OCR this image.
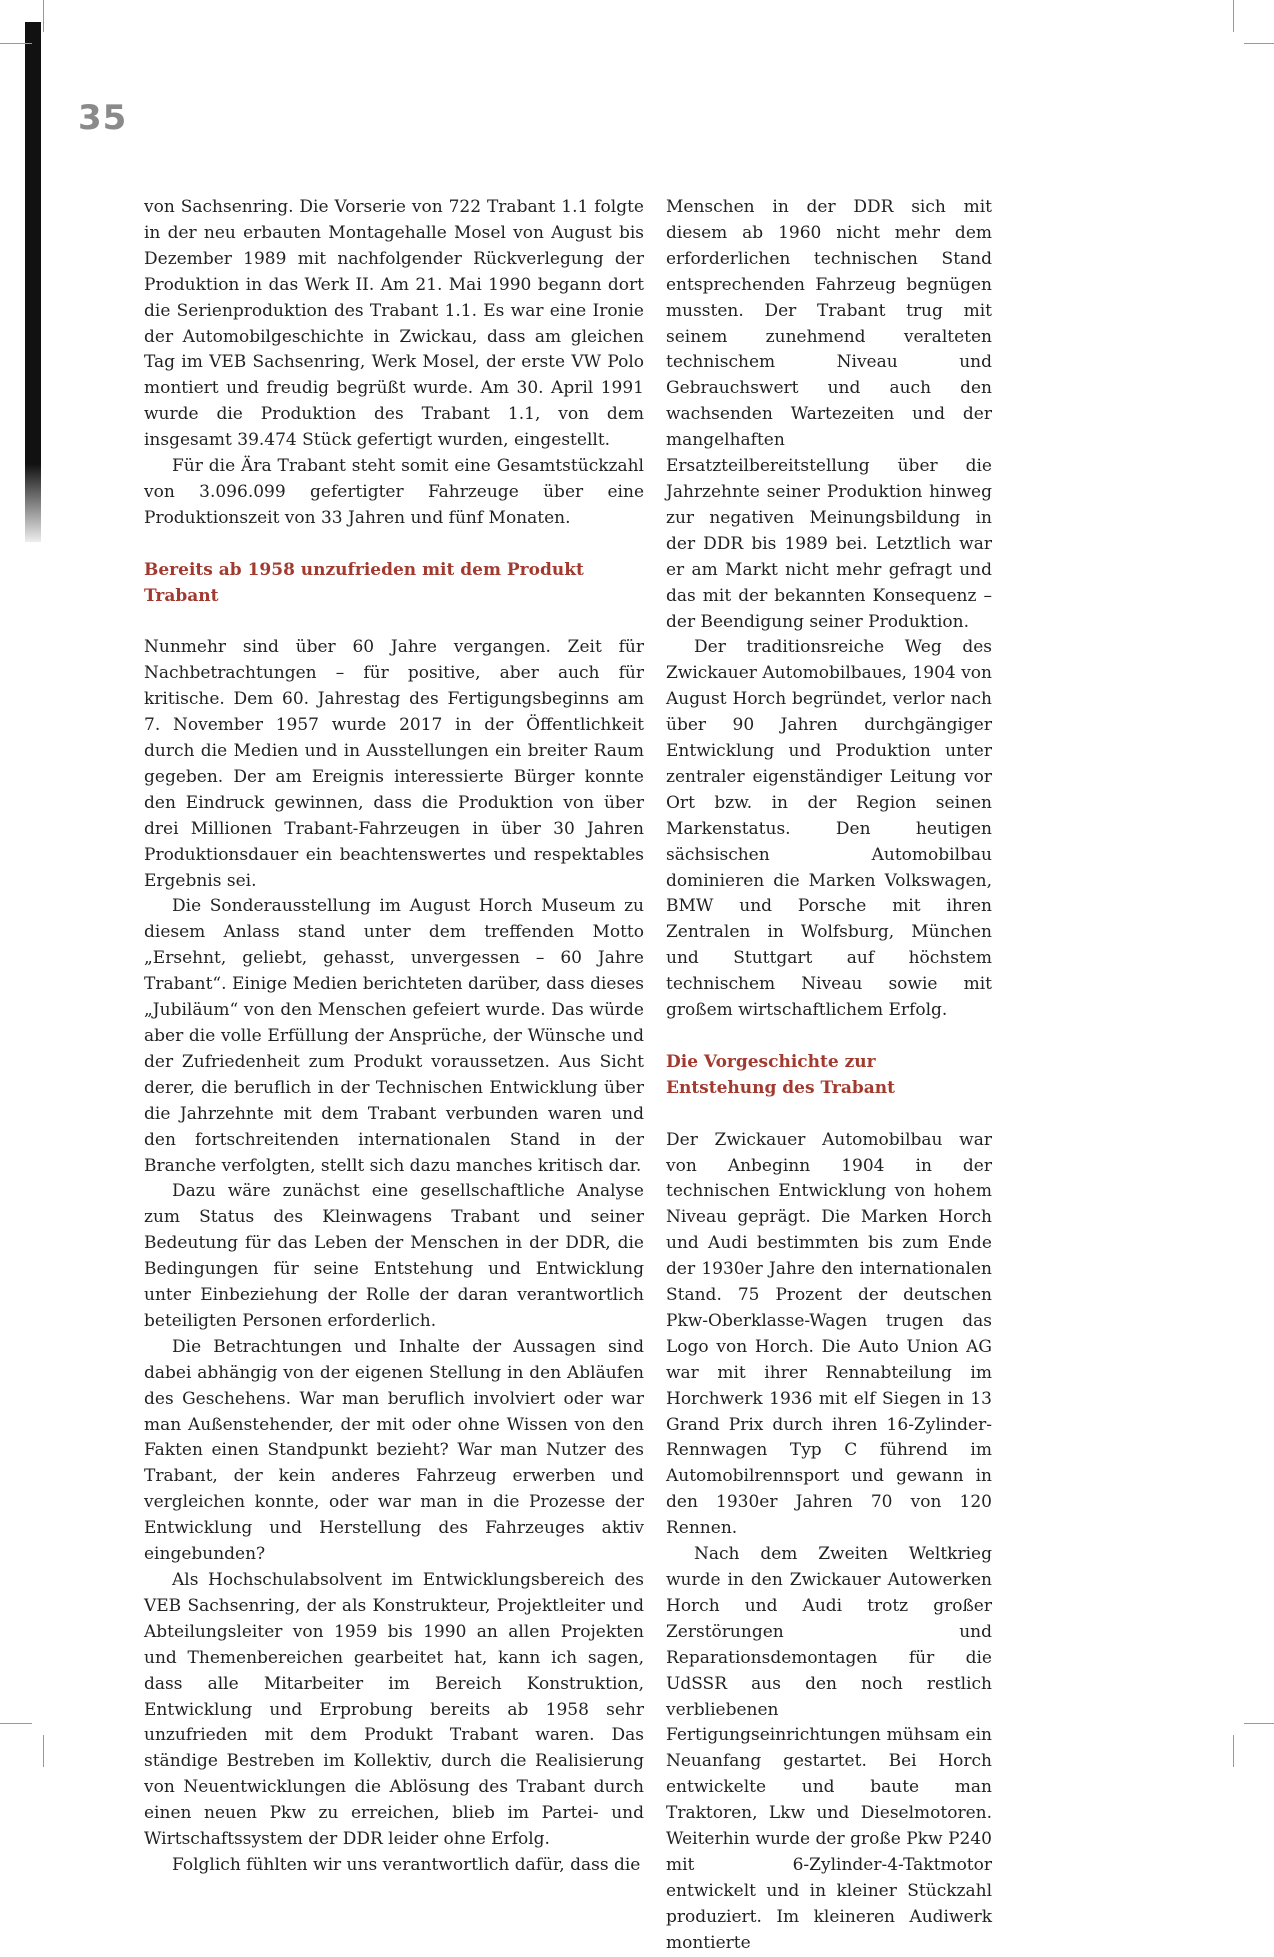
35

von Sachsenring. Die Vorserie von 722 Trabant 1.1 folgte in der neu erbauten Montagehalle Mosel von August bis Dezember 1989 mit nachfolgender Rückverlegung der Produktion in das Werk II. Am 21. Mai 1990 begann dort die Serienproduktion des Trabant 1.1. Es war eine Ironie der Automobilgeschichte in Zwickau, dass am gleichen Tag im VEB Sachsenring, Werk Mosel, der erste VW Polo montiert und freudig begrüßt wurde. Am 30. April 1991 wurde die Produktion des Trabant 1.1, von dem insgesamt 39.474 Stück gefertigt wurden, eingestellt.

Für die Ära Trabant steht somit eine Gesamtstückzahl von 3.096.099 gefertigter Fahrzeuge über eine Produktionszeit von 33 Jahren und fünf Monaten.

Bereits ab 1958 unzufrieden mit dem Produkt Trabant

Nunmehr sind über 60 Jahre vergangen. Zeit für Nachbetrachtungen – für positive, aber auch für kritische. Dem 60. Jahrestag des Fertigungsbeginns am 7. November 1957 wurde 2017 in der Öffentlichkeit durch die Medien und in Ausstellungen ein breiter Raum gegeben. Der am Ereignis interessierte Bürger konnte den Eindruck gewinnen, dass die Produktion von über drei Millionen Trabant-Fahrzeugen in über 30 Jahren Produktionsdauer ein beachtenswertes und respektables Ergebnis sei.

Die Sonderausstellung im August Horch Museum zu diesem Anlass stand unter dem treffenden Motto „Ersehnt, geliebt, gehasst, unvergessen – 60 Jahre Trabant“. Einige Medien berichteten darüber, dass dieses „Jubiläum“ von den Menschen gefeiert wurde. Das würde aber die volle Erfüllung der Ansprüche, der Wünsche und der Zufriedenheit zum Produkt voraussetzen. Aus Sicht derer, die beruflich in der Technischen Entwicklung über die Jahrzehnte mit dem Trabant verbunden waren und den fortschreitenden internationalen Stand in der Branche verfolgten, stellt sich dazu manches kritisch dar.

Dazu wäre zunächst eine gesellschaftliche Analyse zum Status des Kleinwagens Trabant und seiner Bedeutung für das Leben der Menschen in der DDR, die Bedingungen für seine Entstehung und Entwicklung unter Einbeziehung der Rolle der daran verantwortlich beteiligten Personen erforderlich.

Die Betrachtungen und Inhalte der Aussagen sind dabei abhängig von der eigenen Stellung in den Abläufen des Geschehens. War man beruflich involviert oder war man Außenstehender, der mit oder ohne Wissen von den Fakten einen Standpunkt bezieht? War man Nutzer des Trabant, der kein anderes Fahrzeug erwerben und vergleichen konnte, oder war man in die Prozesse der Entwicklung und Herstellung des Fahrzeuges aktiv eingebunden?

Als Hochschulabsolvent im Entwicklungsbereich des VEB Sachsenring, der als Konstrukteur, Projektleiter und Abteilungsleiter von 1959 bis 1990 an allen Projekten und Themenbereichen gearbeitet hat, kann ich sagen, dass alle Mitarbeiter im Bereich Konstruktion, Entwicklung und Erprobung bereits ab 1958 sehr unzufrieden mit dem Produkt Trabant waren. Das ständige Bestreben im Kollektiv, durch die Realisierung von Neuentwicklungen die Ablösung des Trabant durch einen neuen Pkw zu erreichen, blieb im Partei- und Wirtschaftssystem der DDR leider ohne Erfolg.

Folglich fühlten wir uns verantwortlich dafür, dass die

Menschen in der DDR sich mit diesem ab 1960 nicht mehr dem erforderlichen technischen Stand entsprechenden Fahrzeug begnügen mussten. Der Trabant trug mit seinem zunehmend veralteten technischem Niveau und Gebrauchswert und auch den wachsenden Wartezeiten und der mangelhaften Ersatzteilbereitstellung über die Jahrzehnte seiner Produktion hinweg zur negativen Meinungsbildung in der DDR bis 1989 bei. Letztlich war er am Markt nicht mehr gefragt und das mit der bekannten Konsequenz – der Beendigung seiner Produktion.

Der traditionsreiche Weg des Zwickauer Automobilbaues, 1904 von August Horch begründet, verlor nach über 90 Jahren durchgängiger Entwicklung und Produktion unter zentraler eigenständiger Leitung vor Ort bzw. in der Region seinen Markenstatus. Den heutigen sächsischen Automobilbau dominieren die Marken Volkswagen, BMW und Porsche mit ihren Zentralen in Wolfsburg, München und Stuttgart auf höchstem technischem Niveau sowie mit großem wirtschaftlichem Erfolg.

Die Vorgeschichte zur Entstehung des Trabant

Der Zwickauer Automobilbau war von Anbeginn 1904 in der technischen Entwicklung von hohem Niveau geprägt. Die Marken Horch und Audi bestimmten bis zum Ende der 1930er Jahre den internationalen Stand. 75 Prozent der deutschen Pkw-Oberklasse-Wagen trugen das Logo von Horch. Die Auto Union AG war mit ihrer Rennabteilung im Horchwerk 1936 mit elf Siegen in 13 Grand Prix durch ihren 16-Zylinder-Rennwagen Typ C führend im Automobilrennsport und gewann in den 1930er Jahren 70 von 120 Rennen.

Nach dem Zweiten Weltkrieg wurde in den Zwickauer Autowerken Horch und Audi trotz großer Zerstörungen und Reparationsdemontagen für die UdSSR aus den noch restlich verbliebenen Fertigungseinrichtungen mühsam ein Neuanfang gestartet. Bei Horch entwickelte und baute man Traktoren, Lkw und Dieselmotoren. Weiterhin wurde der große Pkw P240 mit 6-Zylinder-4-Taktmotor entwickelt und in kleiner Stückzahl produziert. Im kleineren Audiwerk montierte
